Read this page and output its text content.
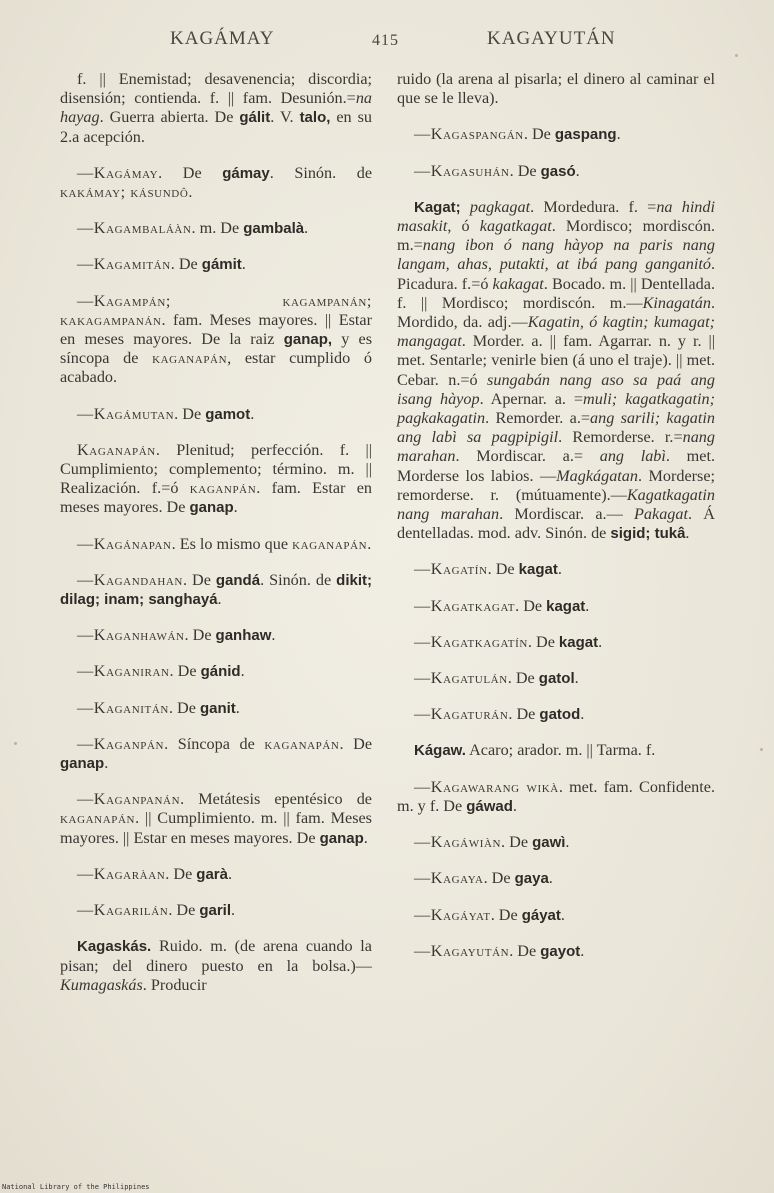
KAGÁMAY	415	KAGAYUTÁN

f. || Enemistad; desavenencia; discordia; disensión; contienda. f. || fam. Desunión.=na hayag. Guerra abierta. De gálit. V. talo, en su 2.a acepción.

—Kagámay. De gámay. Sinón. de kakámay; kásundô.

—Kagambaláàn. m. De gambalà.

—Kagamitán. De gámit.

—Kagampán; kagampanán; kakagampanán. fam. Meses mayores. || Estar en meses mayores. De la raiz ganap, y es síncopa de kaganapán, estar cumplido ó acabado.

—Kagámutan. De gamot.

Kaganapán. Plenitud; perfección. f. || Cumplimiento; complemento; término. m. || Realización. f.=ó kaganpán. fam. Estar en meses mayores. De ganap.

—Kagánapan. Es lo mismo que kaganapán.

—Kagandahan. De gandá. Sinón. de dikit; dilag; inam; sanghayá.

—Kaganhawán. De ganhaw.

—Kaganiran. De gánid.

—Kaganitán. De ganit.

—Kaganpán. Síncopa de kaganapán. De ganap.

—Kaganpanán. Metátesis epentésico de kaganapán. || Cumplimiento. m. || fam. Meses mayores. || Estar en meses mayores. De ganap.

—Kagaràan. De garà.

—Kagarilán. De garil.

Kagaskás. Ruido. m. (de arena cuando la pisan; del dinero puesto en la bolsa.)—Kumagaskás. Producir

ruido (la arena al pisarla; el dinero al caminar el que se le lleva).

—Kagaspangán. De gaspang.

—Kagasuhán. De gasó.

Kagat; pagkagat. Mordedura. f. =na hindi masakit, ó kagatkagat. Mordisco; mordiscón. m.=nang ibon ó nang hàyop na paris nang langam, ahas, putakti, at ibá pang ganganitó. Picadura. f.=ó kakagat. Bocado. m. || Dentellada. f. || Mordisco; mordiscón. m.—Kinagatán. Mordido, da. adj.—Kagatin, ó kagtin; kumagat; mangagat. Morder. a. || fam. Agarrar. n. y r. || met. Sentarle; venirle bien (á uno el traje). || met. Cebar. n.=ó sungabán nang aso sa paá ang isang hàyop. Apernar. a. =muli; kagatkagatin; pagkakagatin. Remorder. a.=ang sarili; kagatin ang labì sa pagpipigil. Remorderse. r.=nang marahan. Mordiscar. a.= ang labì. met. Morderse los labios. —Magkágatan. Morderse; remorderse. r. (mútuamente).—Kagatkagatin nang marahan. Mordiscar. a.— Pakagat. Á dentelladas. mod. adv. Sinón. de sigid; tukâ.

—Kagatín. De kagat.

—Kagatkagat. De kagat.

—Kagatkagatín. De kagat.

—Kagatulán. De gatol.

—Kagaturán. De gatod.

Kágaw. Acaro; arador. m. || Tarma. f.

—Kagawarang wikà. met. fam. Confidente. m. y f. De gáwad.

—Kagáwiàn. De gawì.

—Kagaya. De gaya.

—Kagáyat. De gáyat.

—Kagayután. De gayot.

National Library of the Philippines
